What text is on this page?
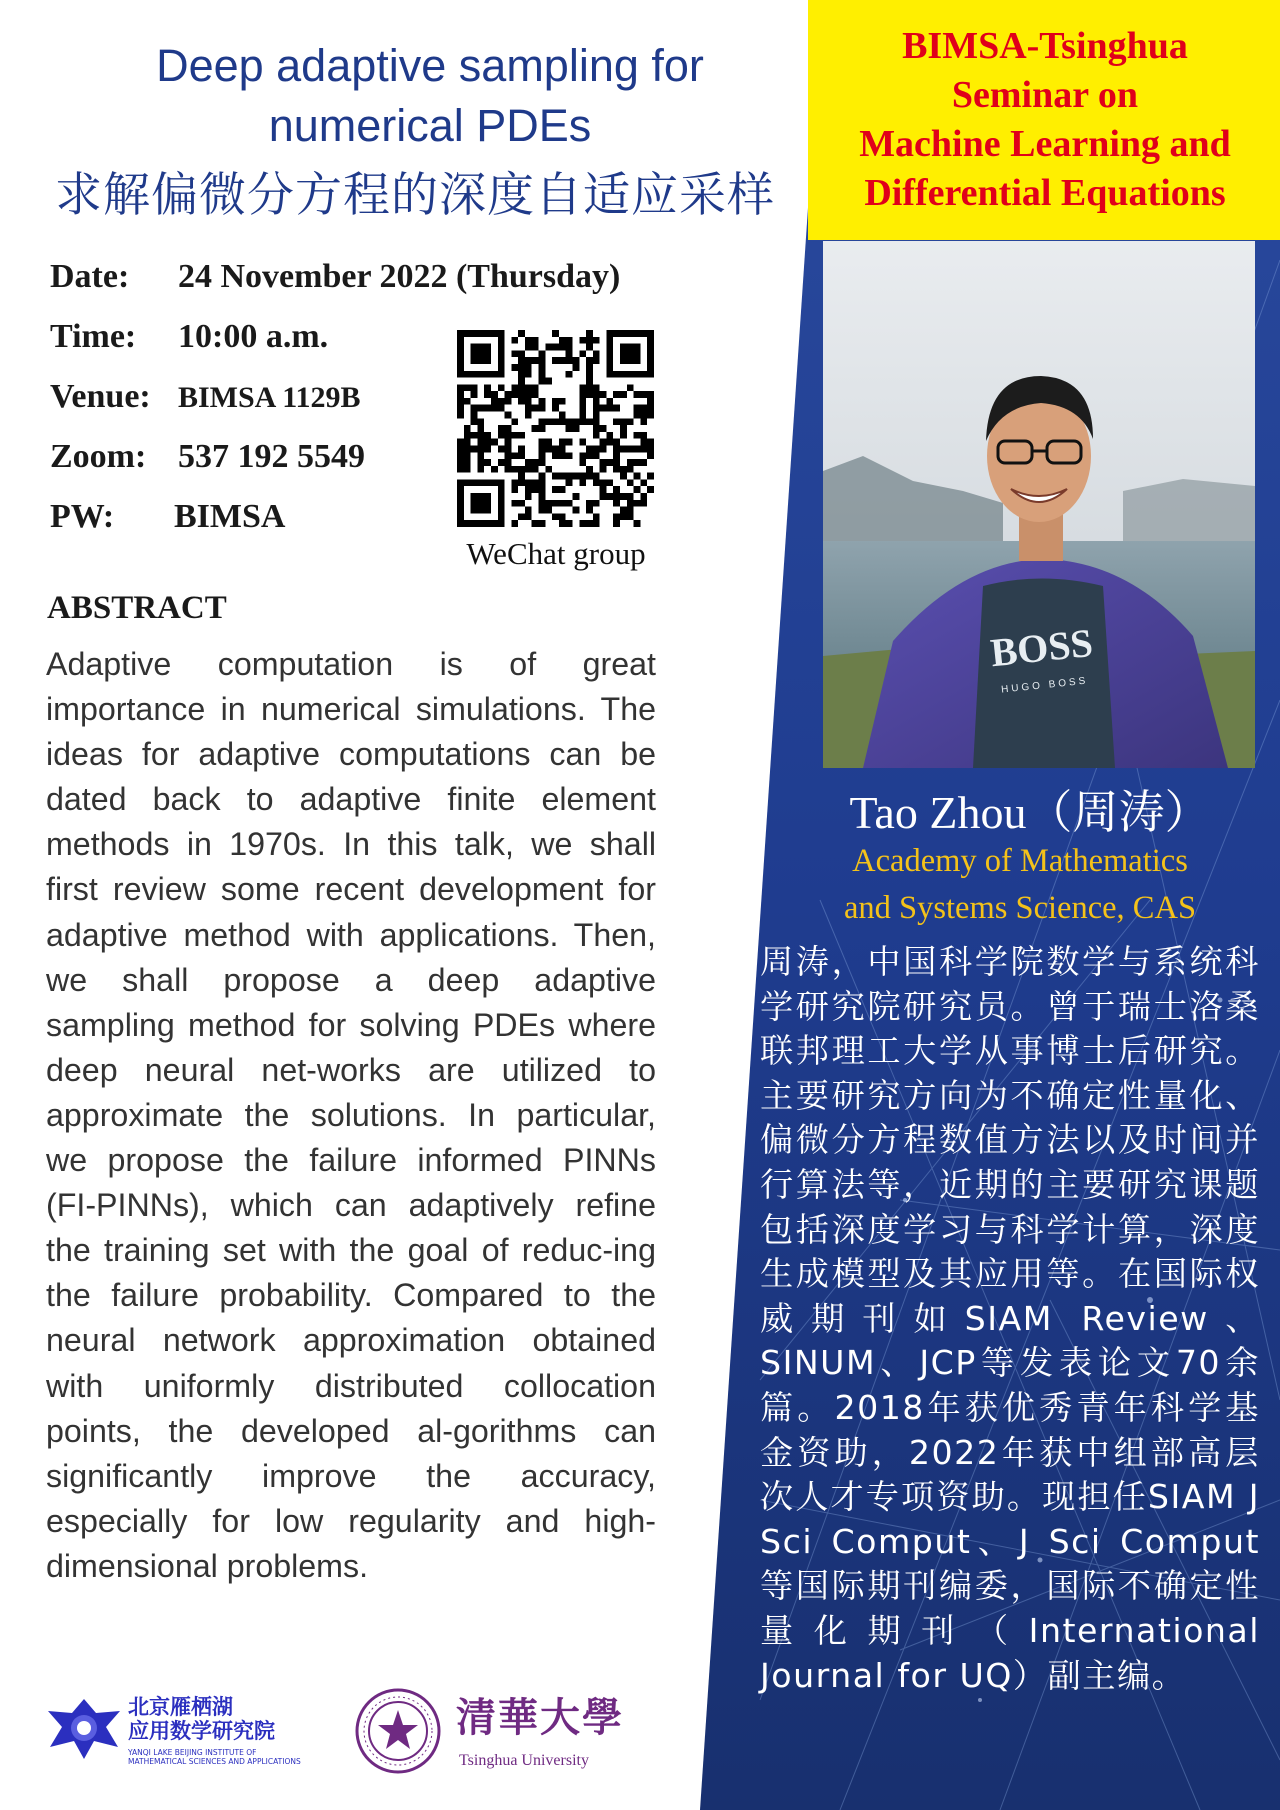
BIMSA-Tsinghua
Seminar on
Machine Learning and
Differential Equations
Deep adaptive sampling for
numerical PDEs
求解偏微分方程的深度自适应采样
Date: 24 November 2022 (Thursday)
Time: 10:00 a.m.
Venue: BIMSA 1129B
Zoom: 537 192 5549
PW: BIMSA
WeChat group
ABSTRACT
Adaptive computation is of great importance in numerical simulations. The ideas for adaptive computations can be dated back to adaptive finite element methods in 1970s. In this talk, we shall first review some recent development for adaptive method with applications. Then, we shall propose a deep adaptive sampling method for solving PDEs where deep neural net-works are utilized to approximate the solutions. In particular, we propose the failure informed PINNs (FI-PINNs), which can adaptively refine the training set with the goal of reduc-ing the failure probability. Compared to the neural network approximation obtained with uniformly distributed collocation points, the developed al-gorithms can significantly improve the accuracy, especially for low regularity and high-dimensional problems.
BOSS
HUGO BOSS
Tao Zhou（周涛）
Academy of Mathematics
and Systems Science, CAS
周涛，中国科学院数学与系统科学研究院研究员。曾于瑞士洛桑联邦理工大学从事博士后研究。主要研究方向为不确定性量化、偏微分方程数值方法以及时间并行算法等，近期的主要研究课题包括深度学习与科学计算，深度生成模型及其应用等。在国际权威期刊如SIAM Review、SINUM、JCP等发表论文70余篇。2018年获优秀青年科学基金资助，2022年获中组部高层次人才专项资助。现担任SIAM J Sci Comput、J Sci Comput等国际期刊编委，国际不确定性量化期刊（International Journal for UQ）副主编。
北京雁栖湖
应用数学研究院
YANQI LAKE BEIJING INSTITUTE OF
MATHEMATICAL SCIENCES AND APPLICATIONS
清華大學
Tsinghua University
